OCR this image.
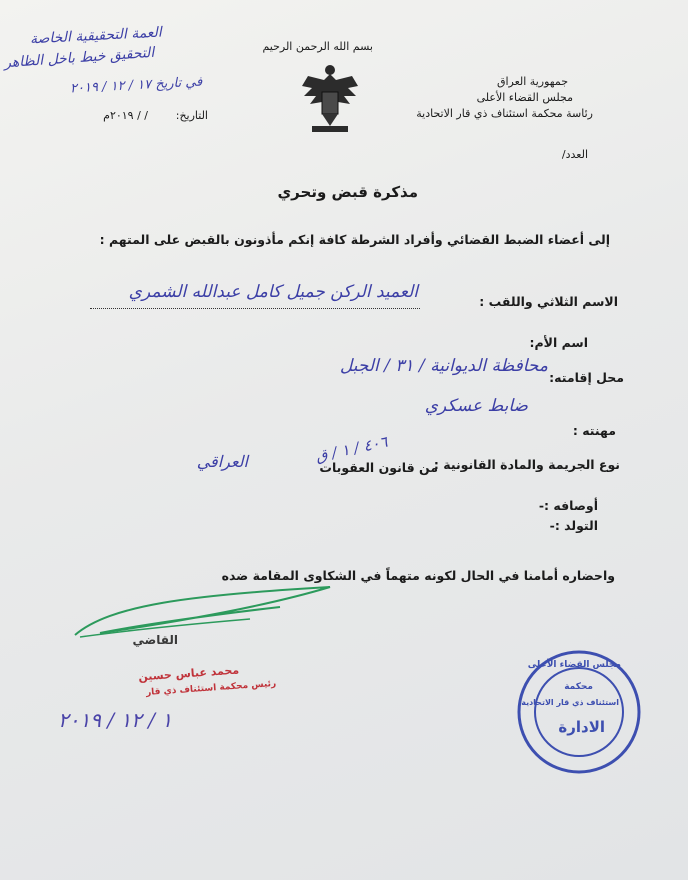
بسم الله الرحمن الرحيم
جمهورية العراق
مجلس القضاء الأعلى
رئاسة محكمة استئناف ذي قار الاتحادية
العدد/
العمة التحقيقية الخاصة
التحقيق خيط باخل الظاهر
في تاريخ ١٧ / ١٢ / ٢٠١٩
التاريخ:
/ / ٢٠١٩م
مذكرة قبض وتحري
إلى أعضاء الضبط القضائي وأفراد الشرطة كافة إنكم مأذونون بالقبض على المتهم :
الاسم الثلاثي واللقب :
العميد الركن جميل كامل عبدالله الشمري
اسم الأم:
محل إقامته:
محافظة الديوانية / ٣١ / الجبل
مهنته :
ضابط عسكري
نوع الجريمة والمادة القانونية :
٤٠٦ / ١ / ق
من قانون العقوبات
العراقي
أوصافه :-
التولد :-
واحضاره أمامنا في الحال لكونه متهماً في الشكاوى المقامة ضده
القاضي
محمد عباس حسين
رئيس محكمة استئناف ذي قار
١ / ١٢ / ٢٠١٩
مجلس القضاء الأعلى
محكمة
استئناف ذي قار الاتحادية
الادارة
